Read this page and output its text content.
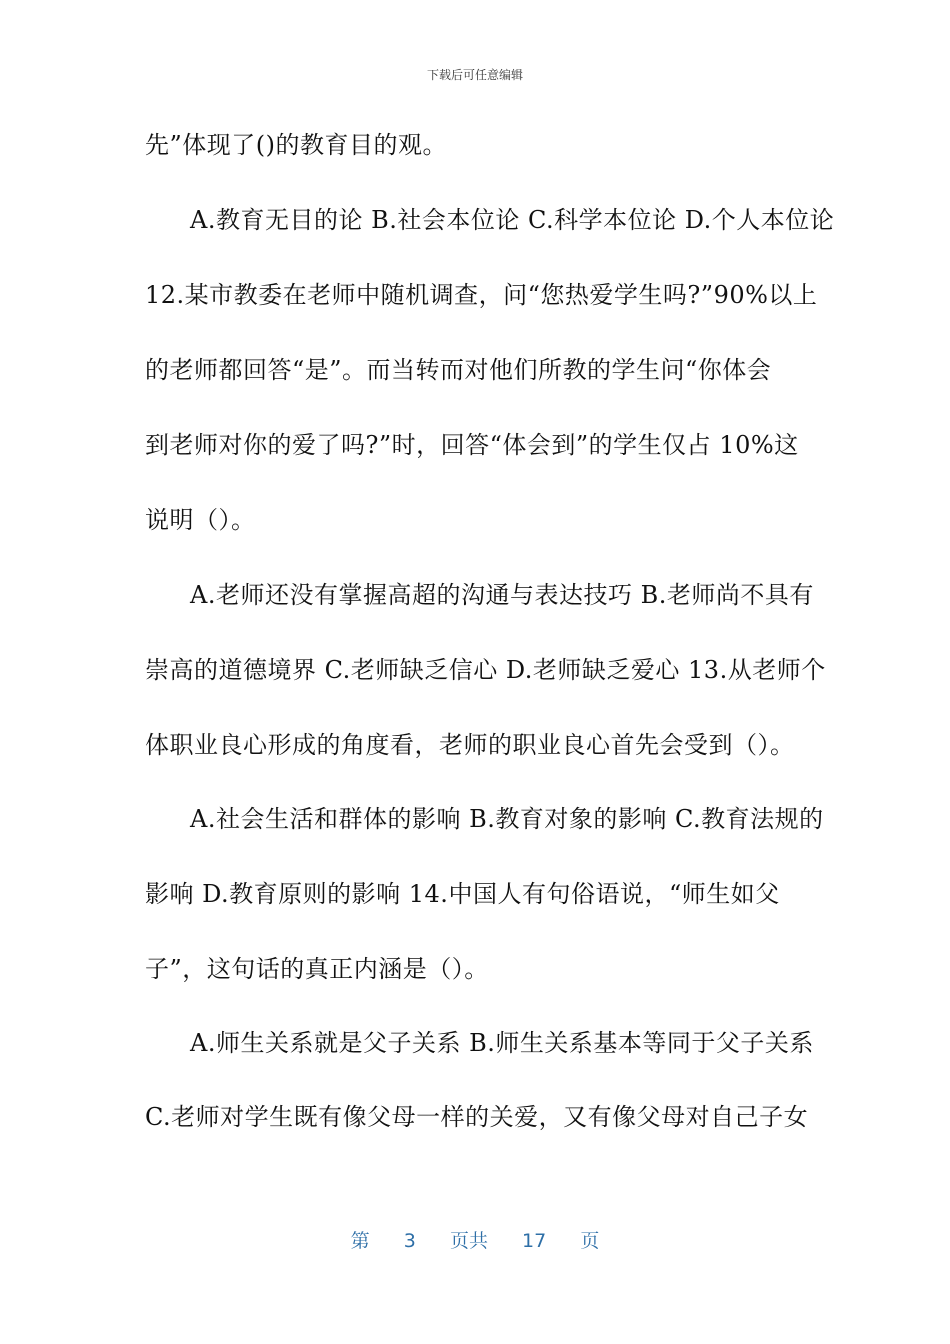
下载后可任意编辑
先”体现了()的教育目的观。
A.教育无目的论 B.社会本位论 C.科学本位论 D.个人本位论
12.某市教委在老师中随机调查，问“您热爱学生吗?”90%以上
的老师都回答“是”。而当转而对他们所教的学生问“你体会
到老师对你的爱了吗?”时，回答“体会到”的学生仅占 10%这
说明（）。
A.老师还没有掌握高超的沟通与表达技巧 B.老师尚不具有
崇高的道德境界 C.老师缺乏信心 D.老师缺乏爱心 13.从老师个
体职业良心形成的角度看，老师的职业良心首先会受到（）。
A.社会生活和群体的影响 B.教育对象的影响 C.教育法规的
影响 D.教育原则的影响 14.中国人有句俗语说，“师生如父
子”，这句话的真正内涵是（）。
A.师生关系就是父子关系 B.师生关系基本等同于父子关系
C.老师对学生既有像父母一样的关爱，又有像父母对自己子女
第 3 页共 17 页
